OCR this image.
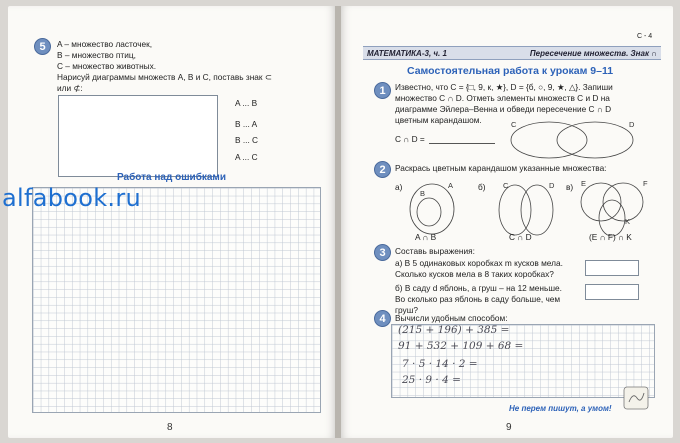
5	A – множество ласточек,
B – множество птиц,
C – множество животных.
Нарисуй диаграммы множеств A, B и C, поставь знак ⊂
или ⊄:
A ... B
B ... A
B ... C
A ... C
Работа над ошибками
8
alfabook.ru
С - 4
МАТЕМАТИКА-3, ч. 1	Пересечение множеств. Знак ∩
Самостоятельная работа к урокам 9–11
1	Известно, что C = {□, 9, к, ★}, D = {б, ○, 9, ★, △}. Запиши
множество C ∩ D. Отметь элементы множеств C и D на
диаграмме Эйлера–Венна и обведи пересечение C ∩ D
цветным карандашом.
C ∩ D =
C	D
2	Раскрась цветным карандашом указанные множества:
а)	A
B
A ∩ B
б) C	D
C ∩ D
в) E	F
K
(E ∩ F) ∩ K
3	Составь выражения:
а) В 5 одинаковых коробках m кусков мела.
Сколько кусков мела в 8 таких коробках?
б) В саду d яблонь, а груш – на 12 меньше.
Во сколько раз яблонь в саду больше, чем
груш?
4	Вычисли удобным способом:
(215 + 196) + 385 =
91 + 532 + 109 + 68 =
7 · 5 · 14 · 2 =
25 · 9 · 4 =
Не перем пишут, а умом!
9
